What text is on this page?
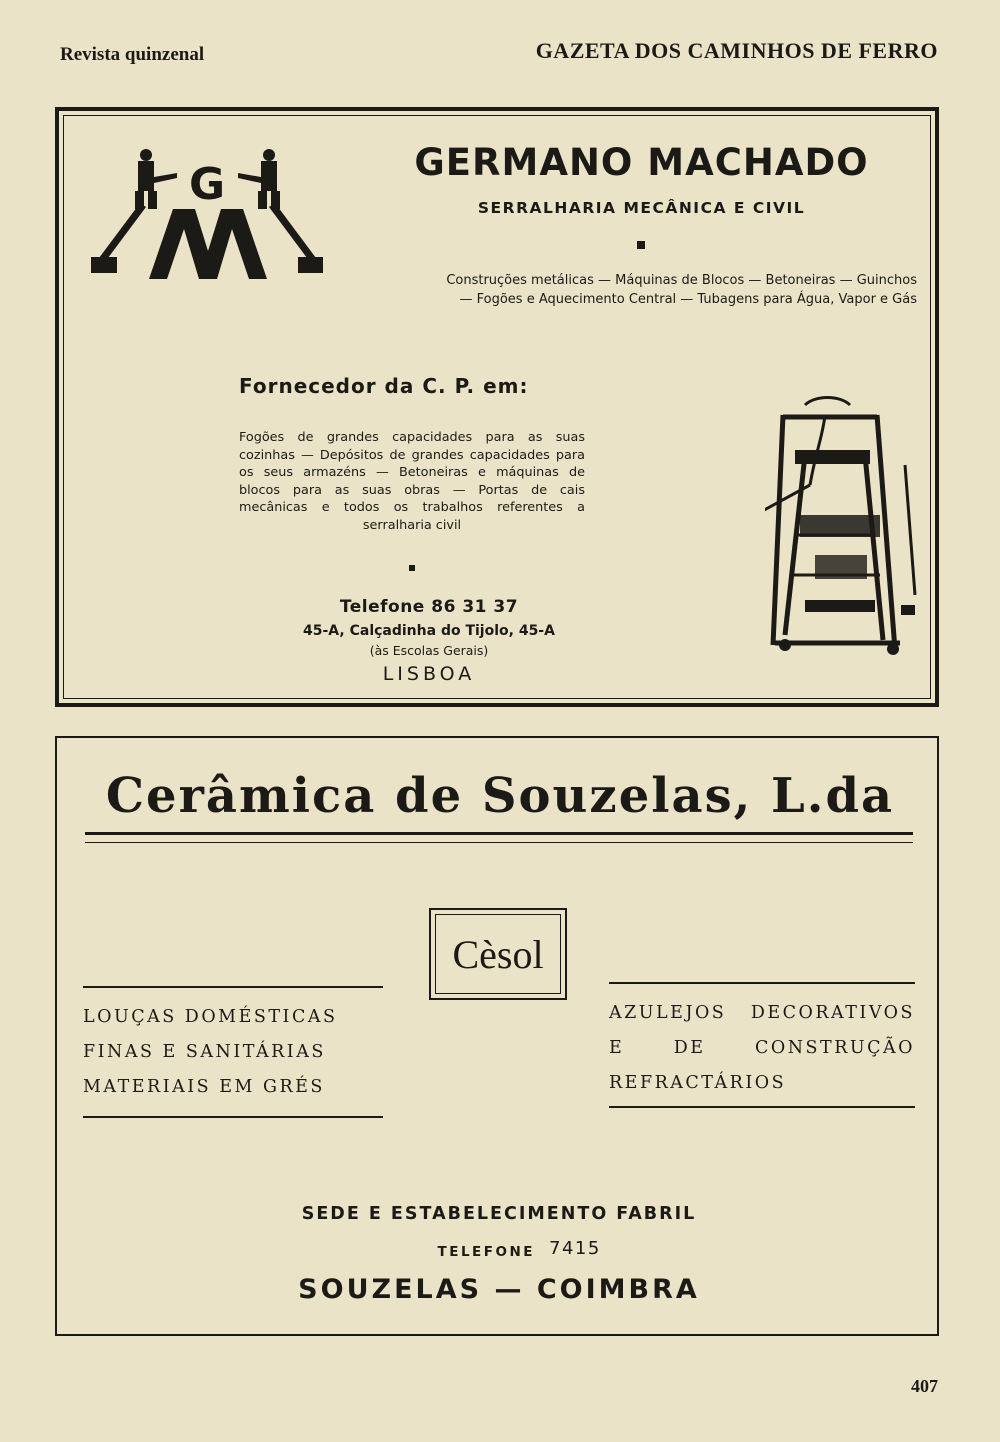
Revista quinzenal	GAZETA DOS CAMINHOS DE FERRO
G	GERMANO MACHADO
SERRALHARIA MECÂNICA E CIVIL
Construções metálicas — Máquinas de Blocos — Betoneiras — Guinchos
— Fogões e Aquecimento Central — Tubagens para Água, Vapor e Gás
Fornecedor da C. P. em:
Fogões de grandes capacidades para as suas cozinhas — Depósitos de grandes capacidades para os seus armazéns — Betoneiras e máquinas de blocos para as suas obras — Portas de cais mecânicas e todos os trabalhos referentes a serralharia civil
Telefone 86 31 37
45-A, Calçadinha do Tijolo, 45-A
(às Escolas Gerais)
LISBOA
Cerâmica de Souzelas, L.da
Cèsol
LOUÇAS DOMÉSTICAS
FINAS E SANITÁRIAS
MATERIAIS EM GRÉS
AZULEJOS DECORATIVOS
E DE CONSTRUÇÃO
REFRACTÁRIOS
SEDE E ESTABELECIMENTO FABRIL
TELEFONE 7415
SOUZELAS — COIMBRA
407
